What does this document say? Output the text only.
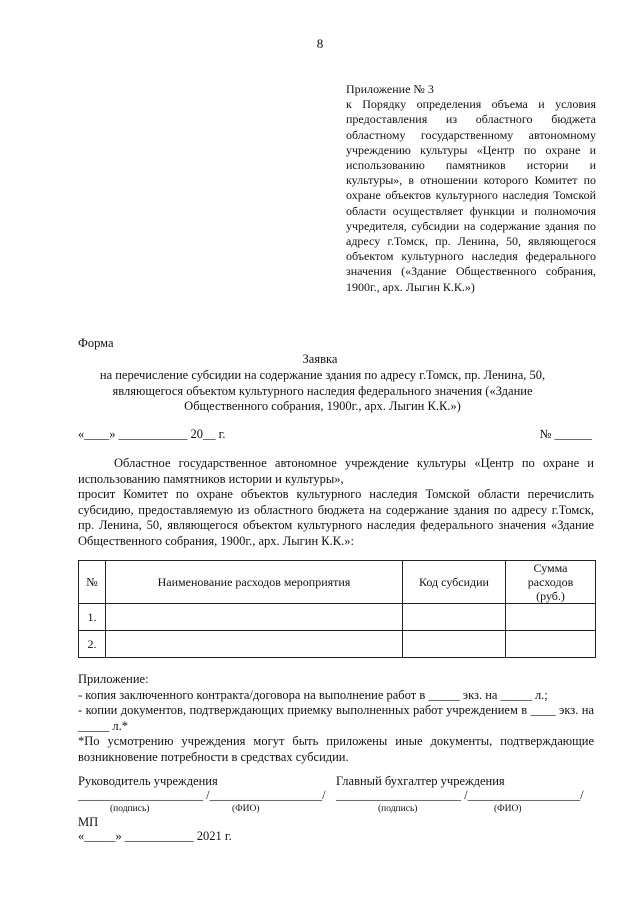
8
Приложение № 3
к Порядку определения объема и условия предоставления из областного бюджета областному государственному автономному учреждению культуры «Центр по охране и использованию памятников истории и культуры», в отношении которого Комитет по охране объектов культурного наследия Томской области осуществляет функции и полномочия учредителя, субсидии на содержание здания по адресу г.Томск, пр. Ленина, 50, являющегося объектом культурного наследия федерального значения («Здание Общественного собрания, 1900г., арх. Лыгин К.К.»)
Форма
Заявка
на перечисление субсидии на содержание здания по адресу г.Томск, пр. Ленина, 50,
являющегося объектом культурного наследия федерального значения («Здание
Общественного собрания, 1900г., арх. Лыгин К.К.»)
«____» ___________ 20__ г.	№ ______

Областное государственное автономное учреждение культуры «Центр по охране и использованию памятников истории и культуры»,

просит Комитет по охране объектов культурного наследия Томской области перечислить субсидию, предоставляемую из областного бюджета на содержание здания по адресу г.Томск, пр. Ленина, 50, являющегося объектом культурного наследия федерального значения «Здание Общественного собрания, 1900г., арх. Лыгин К.К.»:

№	Наименование расходов мероприятия	Код субсидии	Сумма расходов (руб.)
1.			
2.			

Приложение:

- копия заключенного контракта/договора на выполнение работ в _____ экз. на _____ л.;

- копии документов, подтверждающих приемку выполненных работ учреждением в ____ экз. на _____ л.*

*По усмотрению учреждения могут быть приложены иные документы, подтверждающие возникновение потребности в средствах субсидии.

Руководитель учреждения	Главный бухгалтер учреждения
____________________ /__________________/ ____________________ /__________________/
(подпись)	(ФИО)	(подпись)	(ФИО)
МП
«_____» ___________ 2021 г.
